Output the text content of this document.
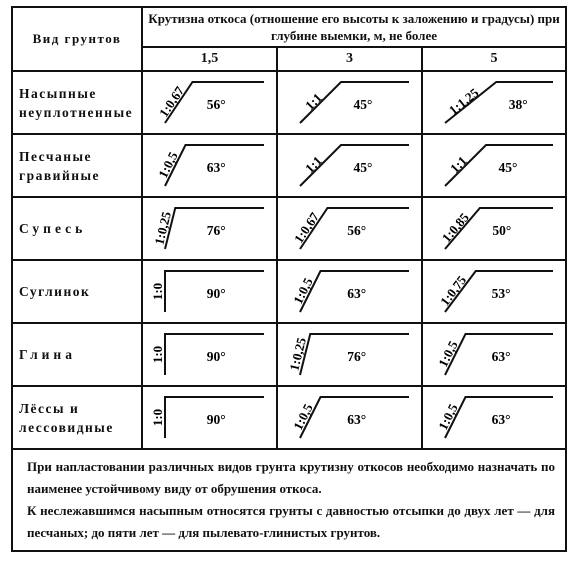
Вид грунтов	Крутизна откоса (отношение его высоты к заложению и градусы) при глубине выемки, м, не более		
	1,5	3	5
Насыпные неуплотненные	1:0,67 56°	1:1 45°	1:1,25 38°

Песчаные гравийные	1:0,5 63°	1:1 45°	1:1 45°

Супесь	1:0,25 76°	1:0,67 56°	1:0,85 50°

Суглинок	1:0 90°	1:0,5 63°	1:0,75 53°

Глина	1:0 90°	1:0,25 76°	1:0,5 63°

Лёссы и лессовидные	1:0 90°	1:0,5 63°	1:0,5 63°

При напластовании различных видов грунта крутизну откосов необходимо назначать по наименее устойчивому виду от обрушения откоса.

К неслежавшимся насыпным относятся грунты с давностью отсыпки до двух лет — для песчаных; до пяти лет — для пылевато-глинистых грунтов.			
